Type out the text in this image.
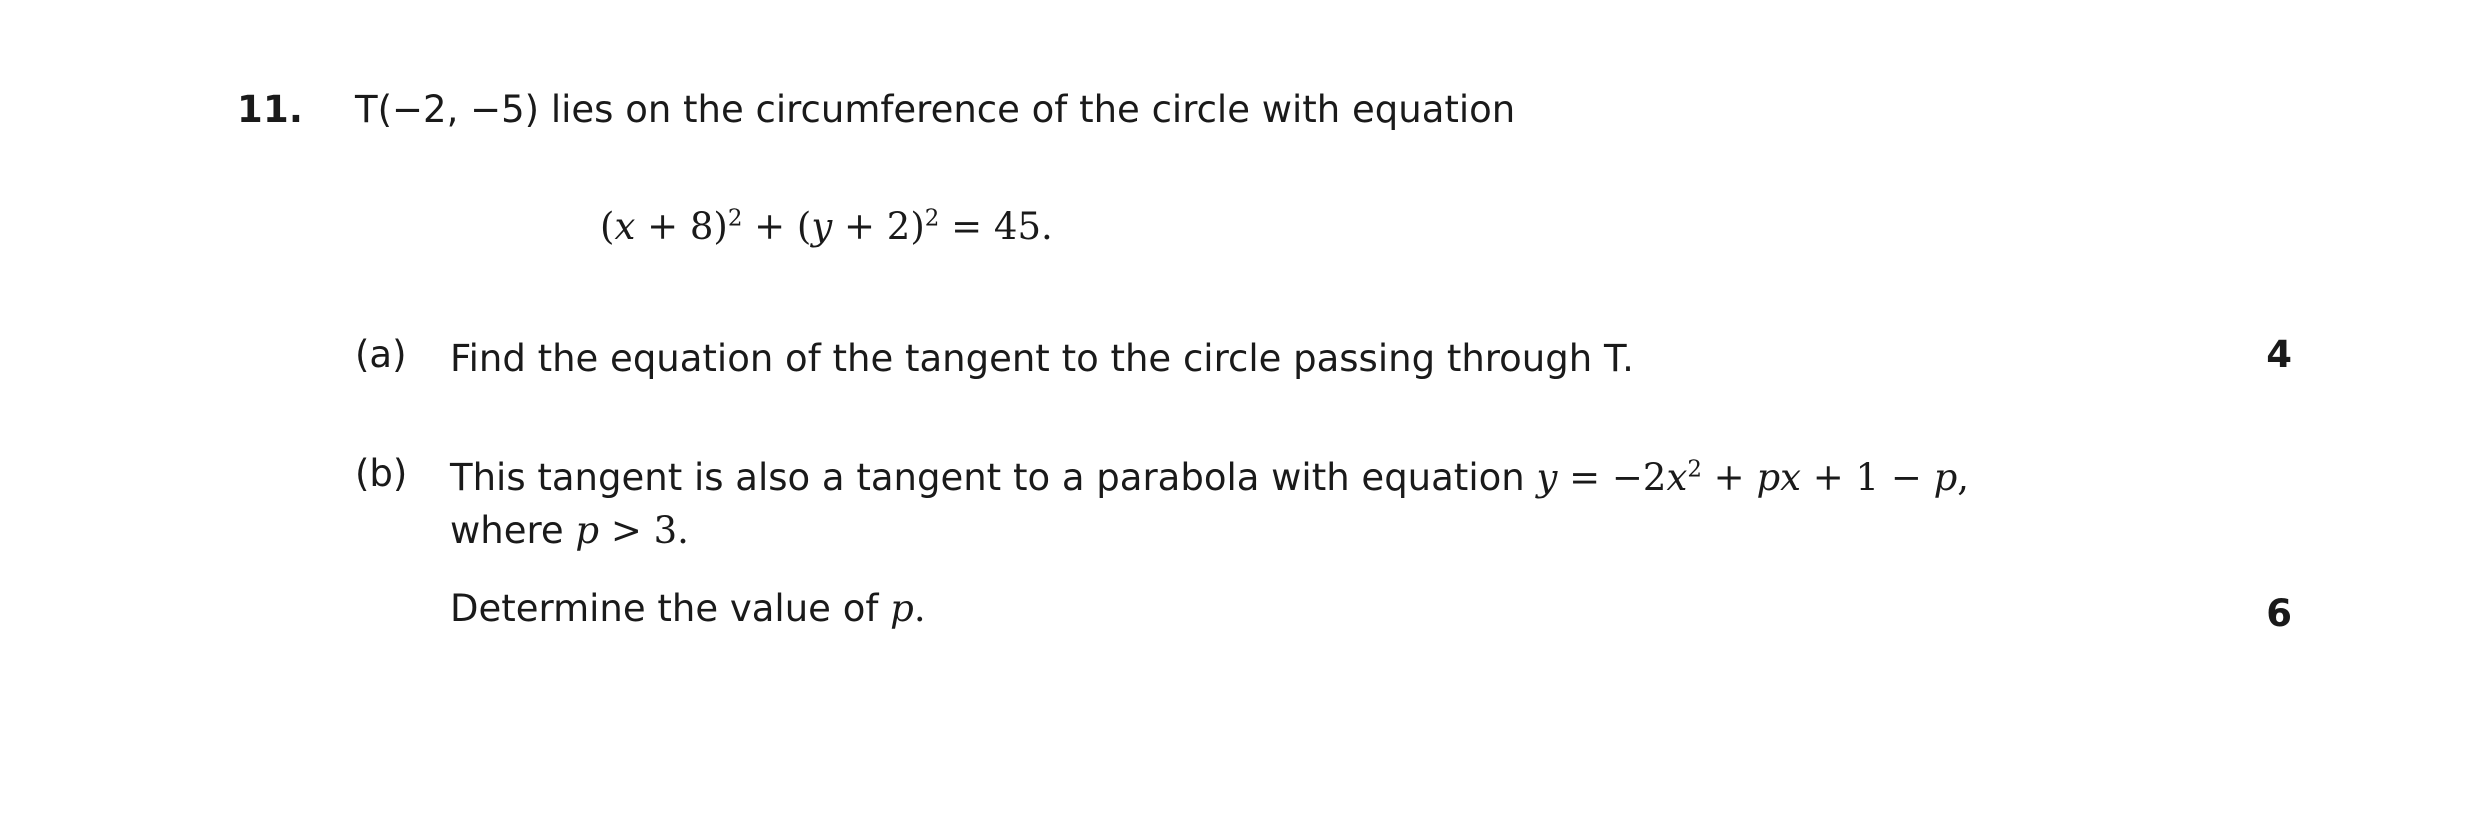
11. T(−2, −5) lies on the circumference of the circle with equation
$(x + 8)^2 + (y + 2)^2 = 45$.
(a)	Find the equation of the tangent to the circle passing through T.	4
(b)	This tangent is also a tangent to a parabola with equation $y = -2x^2$ + px + 1 − p,
where p > 3.
Determine the value of p.	6
